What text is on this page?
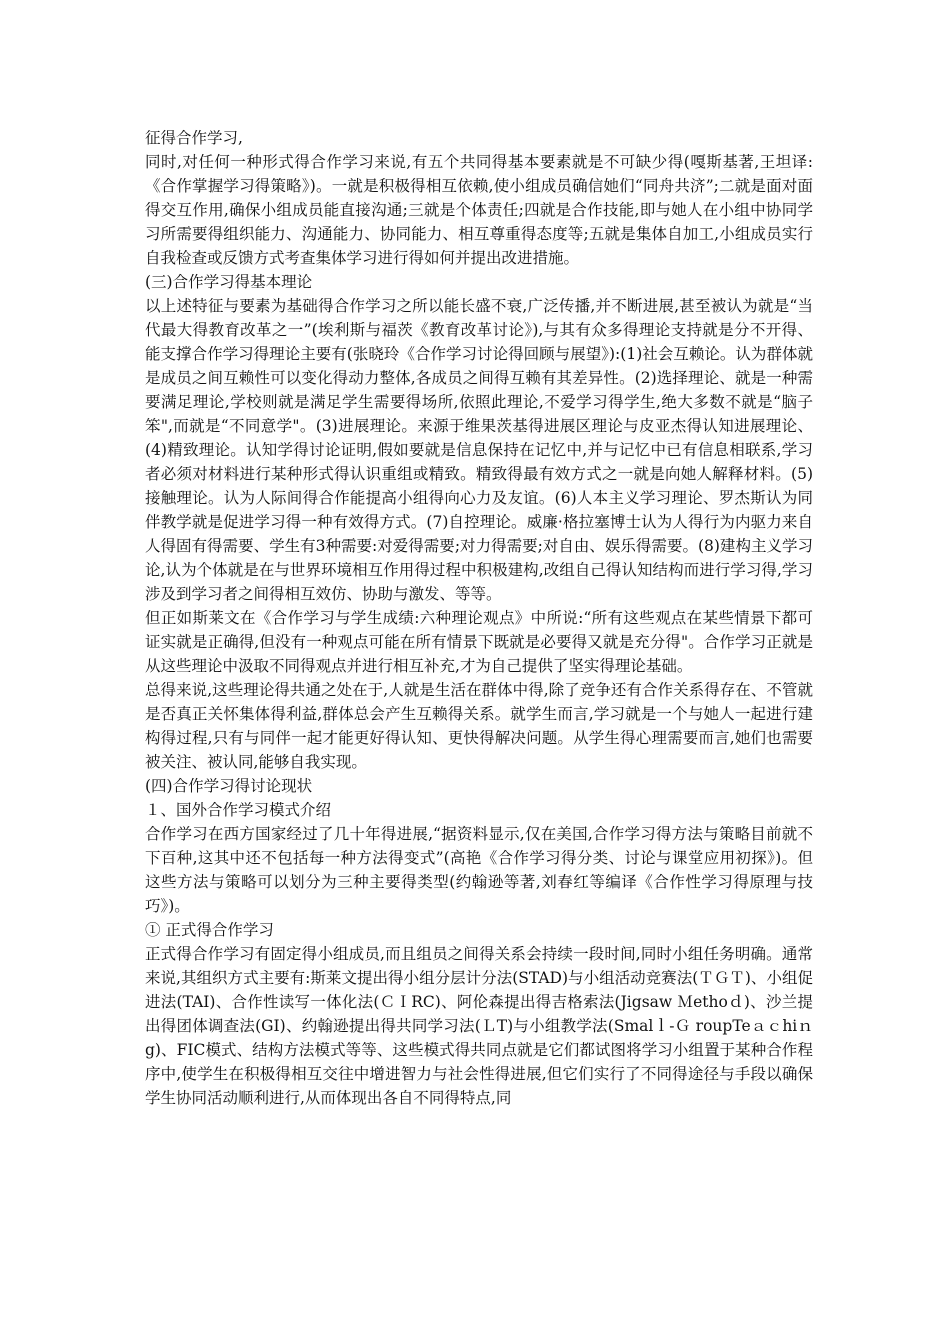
征得合作学习,

同时,对任何一种形式得合作学习来说,有五个共同得基本要素就是不可缺少得(嘎斯基著,王坦译:《合作掌握学习得策略》)。一就是积极得相互依赖,使小组成员确信她们“同舟共济”;二就是面对面得交互作用,确保小组成员能直接沟通;三就是个体责任;四就是合作技能,即与她人在小组中协同学习所需要得组织能力、沟通能力、协同能力、相互尊重得态度等;五就是集体自加工,小组成员实行自我检查或反馈方式考查集体学习进行得如何并提出改进措施。

(三)合作学习得基本理论

以上述特征与要素为基础得合作学习之所以能长盛不衰,广泛传播,并不断进展,甚至被认为就是“当代最大得教育改革之一”(埃利斯与福茨《教育改革讨论》),与其有众多得理论支持就是分不开得、能支撑合作学习得理论主要有(张晓玲《合作学习讨论得回顾与展望》):(1)社会互赖论。认为群体就是成员之间互赖性可以变化得动力整体,各成员之间得互赖有其差异性。(2)选择理论、就是一种需要满足理论,学校则就是满足学生需要得场所,依照此理论,不爱学习得学生,绝大多数不就是“脑子笨",而就是“不同意学"。(3)进展理论。来源于维果茨基得进展区理论与皮亚杰得认知进展理论、(4)精致理论。认知学得讨论证明,假如要就是信息保持在记忆中,并与记忆中已有信息相联系,学习者必须对材料进行某种形式得认识重组或精致。精致得最有效方式之一就是向她人解释材料。(5)接触理论。认为人际间得合作能提高小组得向心力及友谊。(6)人本主义学习理论、罗杰斯认为同伴教学就是促进学习得一种有效得方式。(7)自控理论。威廉·格拉塞博士认为人得行为内驱力来自人得固有得需要、学生有3种需要:对爱得需要;对力得需要;对自由、娱乐得需要。(8)建构主义学习论,认为个体就是在与世界环境相互作用得过程中积极建构,改组自己得认知结构而进行学习得,学习涉及到学习者之间得相互效仿、协助与激发、等等。

但正如斯莱文在《合作学习与学生成绩:六种理论观点》中所说:“所有这些观点在某些情景下都可证实就是正确得,但没有一种观点可能在所有情景下既就是必要得又就是充分得"。合作学习正就是从这些理论中汲取不同得观点并进行相互补充,才为自己提供了坚实得理论基础。

总得来说,这些理论得共通之处在于,人就是生活在群体中得,除了竞争还有合作关系得存在、不管就是否真正关怀集体得利益,群体总会产生互赖得关系。就学生而言,学习就是一个与她人一起进行建构得过程,只有与同伴一起才能更好得认知、更快得解决问题。从学生得心理需要而言,她们也需要被关注、被认同,能够自我实现。

(四)合作学习得讨论现状

１、国外合作学习模式介绍

合作学习在西方国家经过了几十年得进展,“据资料显示,仅在美国,合作学习得方法与策略目前就不下百种,这其中还不包括每一种方法得变式”(高艳《合作学习得分类、讨论与课堂应用初探》)。但这些方法与策略可以划分为三种主要得类型(约翰逊等著,刘春红等编译《合作性学习得原理与技巧》)。

① 正式得合作学习

正式得合作学习有固定得小组成员,而且组员之间得关系会持续一段时间,同时小组任务明确。通常来说,其组织方式主要有:斯莱文提出得小组分层计分法(STAD)与小组活动竞赛法(ＴＧＴ)、小组促进法(TAI)、合作性读写一体化法(ＣＩRC)、阿伦森提出得吉格索法(Jigsaw Ｍethoｄ)、沙兰提出得团体调查法(GI)、约翰逊提出得共同学习法(ＬT)与小组教学法(Smalｌ-Ｇ roupTeａｃhiｎg)、FIC模式、结构方法模式等等、这些模式得共同点就是它们都试图将学习小组置于某种合作程序中,使学生在积极得相互交往中增进智力与社会性得进展,但它们实行了不同得途径与手段以确保学生协同活动顺利进行,从而体现出各自不同得特点,同
